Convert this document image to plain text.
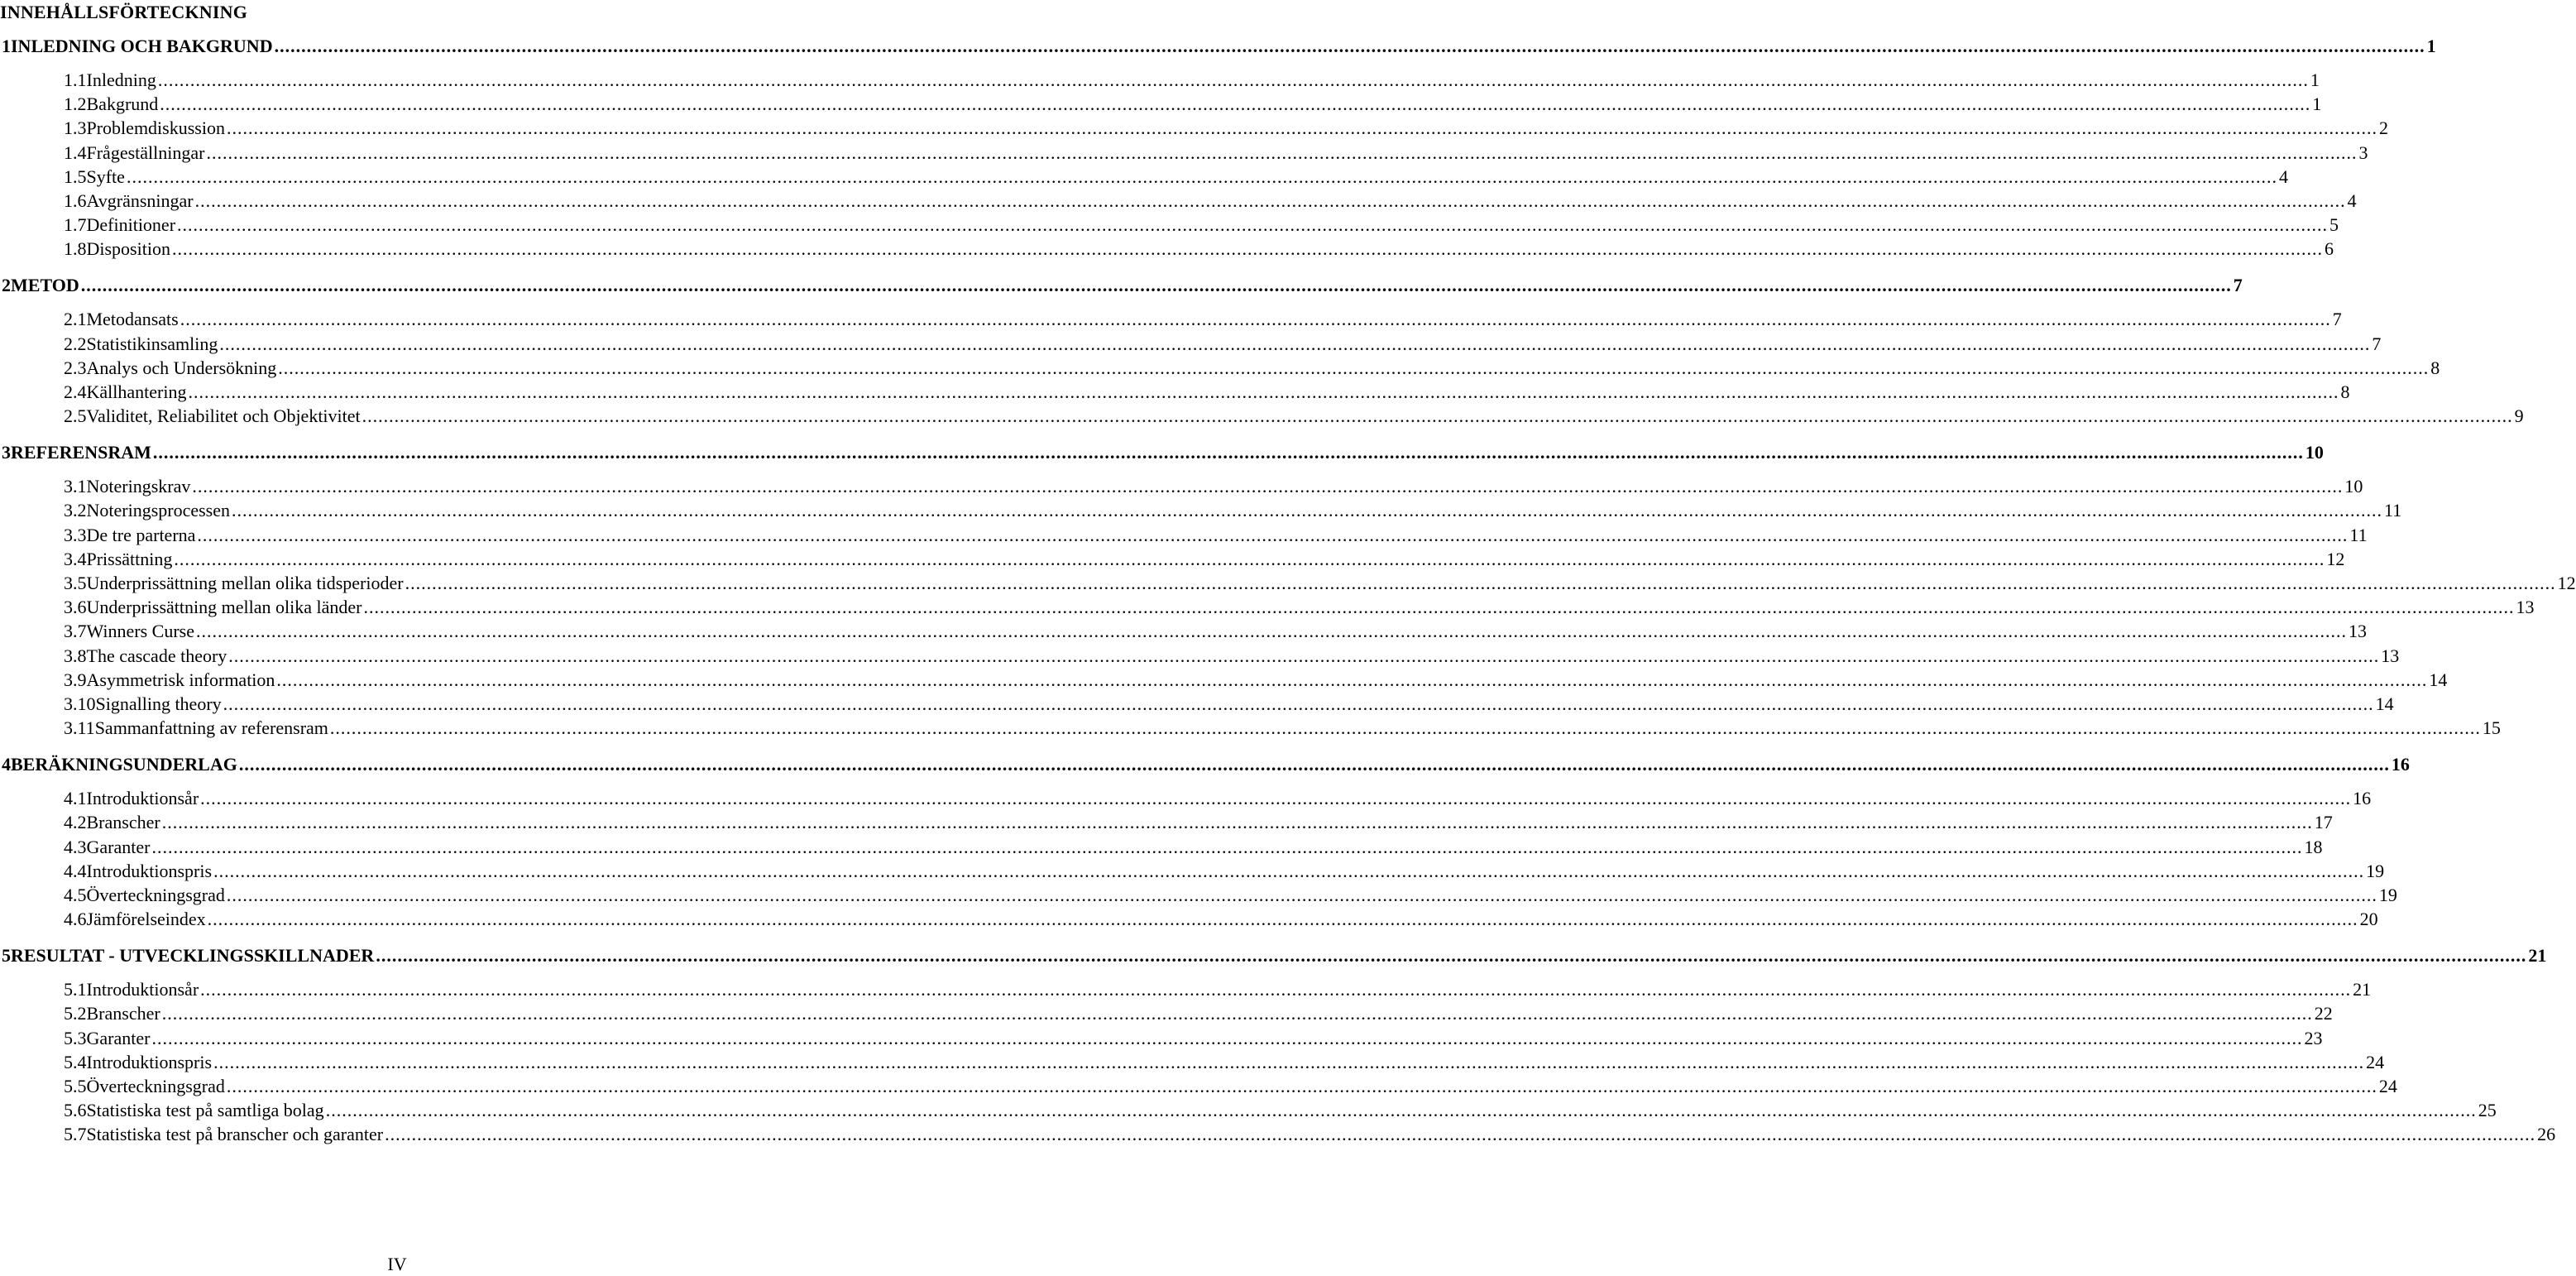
INNEHÅLLSFÖRTECKNING
1 INLEDNING OCH BAKGRUND ................................................................................................................................................................................................................................................................................................................................................................................................................ 1
1.1 Inledning ................................................................................................................................................................................................................................................................................................................................................................................................................ 1
1.2 Bakgrund ................................................................................................................................................................................................................................................................................................................................................................................................................ 1
1.3 Problemdiskussion ................................................................................................................................................................................................................................................................................................................................................................................................................ 2
1.4 Frågeställningar ................................................................................................................................................................................................................................................................................................................................................................................................................ 3
1.5 Syfte ................................................................................................................................................................................................................................................................................................................................................................................................................ 4
1.6 Avgränsningar ................................................................................................................................................................................................................................................................................................................................................................................................................ 4
1.7 Definitioner ................................................................................................................................................................................................................................................................................................................................................................................................................ 5
1.8 Disposition ................................................................................................................................................................................................................................................................................................................................................................................................................ 6
2 METOD ................................................................................................................................................................................................................................................................................................................................................................................................................ 7
2.1 Metodansats ................................................................................................................................................................................................................................................................................................................................................................................................................ 7
2.2 Statistikinsamling ................................................................................................................................................................................................................................................................................................................................................................................................................ 7
2.3 Analys och Undersökning ................................................................................................................................................................................................................................................................................................................................................................................................................ 8
2.4 Källhantering ................................................................................................................................................................................................................................................................................................................................................................................................................ 8
2.5 Validitet, Reliabilitet och Objektivitet ................................................................................................................................................................................................................................................................................................................................................................................................................ 9
3 REFERENSRAM ................................................................................................................................................................................................................................................................................................................................................................................................................ 10
3.1 Noteringskrav ................................................................................................................................................................................................................................................................................................................................................................................................................ 10
3.2 Noteringsprocessen ................................................................................................................................................................................................................................................................................................................................................................................................................ 11
3.3 De tre parterna ................................................................................................................................................................................................................................................................................................................................................................................................................ 11
3.4 Prissättning ................................................................................................................................................................................................................................................................................................................................................................................................................ 12
3.5 Underprissättning mellan olika tidsperioder ................................................................................................................................................................................................................................................................................................................................................................................................................ 12
3.6 Underprissättning mellan olika länder ................................................................................................................................................................................................................................................................................................................................................................................................................ 13
3.7 Winners Curse ................................................................................................................................................................................................................................................................................................................................................................................................................ 13
3.8 The cascade theory ................................................................................................................................................................................................................................................................................................................................................................................................................ 13
3.9 Asymmetrisk information ................................................................................................................................................................................................................................................................................................................................................................................................................ 14
3.10 Signalling theory ................................................................................................................................................................................................................................................................................................................................................................................................................ 14
3.11 Sammanfattning av referensram ................................................................................................................................................................................................................................................................................................................................................................................................................ 15
4 BERÄKNINGSUNDERLAG ................................................................................................................................................................................................................................................................................................................................................................................................................ 16
4.1 Introduktionsår ................................................................................................................................................................................................................................................................................................................................................................................................................ 16
4.2 Branscher ................................................................................................................................................................................................................................................................................................................................................................................................................ 17
4.3 Garanter ................................................................................................................................................................................................................................................................................................................................................................................................................ 18
4.4 Introduktionspris ................................................................................................................................................................................................................................................................................................................................................................................................................ 19
4.5 Överteckningsgrad ................................................................................................................................................................................................................................................................................................................................................................................................................ 19
4.6 Jämförelseindex ................................................................................................................................................................................................................................................................................................................................................................................................................ 20
5 RESULTAT - UTVECKLINGSSKILLNADER ................................................................................................................................................................................................................................................................................................................................................................................................................ 21
5.1 Introduktionsår ................................................................................................................................................................................................................................................................................................................................................................................................................ 21
5.2 Branscher ................................................................................................................................................................................................................................................................................................................................................................................................................ 22
5.3 Garanter ................................................................................................................................................................................................................................................................................................................................................................................................................ 23
5.4 Introduktionspris ................................................................................................................................................................................................................................................................................................................................................................................................................ 24
5.5 Överteckningsgrad ................................................................................................................................................................................................................................................................................................................................................................................................................ 24
5.6 Statistiska test på samtliga bolag ................................................................................................................................................................................................................................................................................................................................................................................................................ 25
5.7 Statistiska test på branscher och garanter ................................................................................................................................................................................................................................................................................................................................................................................................................ 26
IV
